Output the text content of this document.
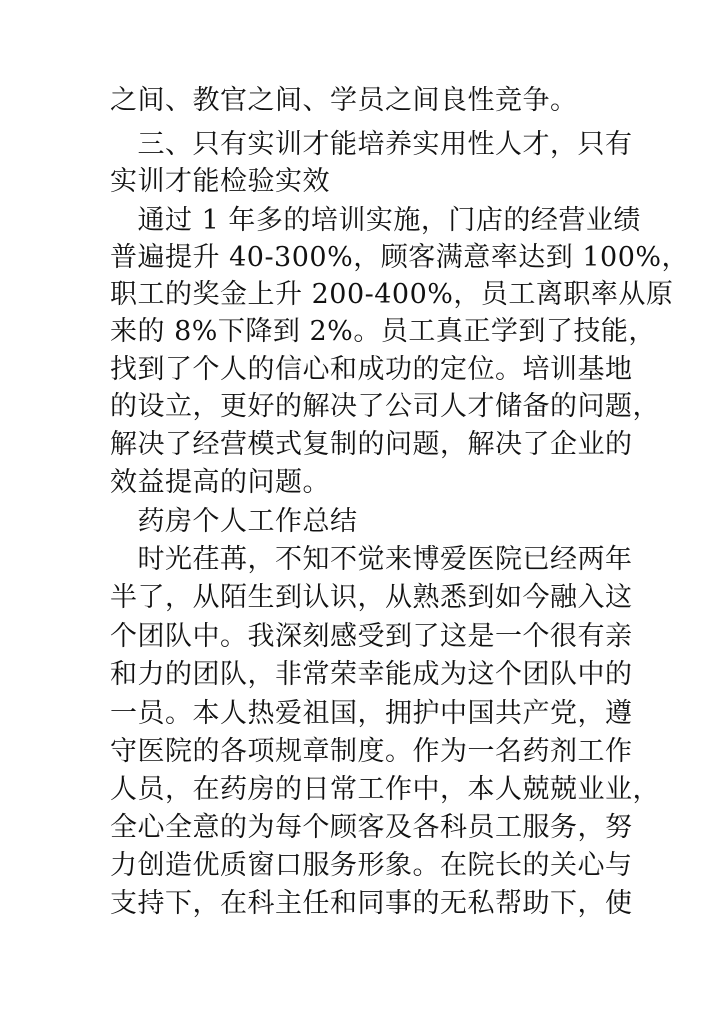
之间、教官之间、学员之间良性竞争。
　三、只有实训才能培养实用性人才，只有
实训才能检验实效
　通过 1 年多的培训实施，门店的经营业绩
普遍提升 40-300%，顾客满意率达到 100%，
职工的奖金上升 200-400%，员工离职率从原
来的 8%下降到 2%。员工真正学到了技能，
找到了个人的信心和成功的定位。培训基地
的设立，更好的解决了公司人才储备的问题，
解决了经营模式复制的问题，解决了企业的
效益提高的问题。
　药房个人工作总结
　时光荏苒，不知不觉来博爱医院已经两年
半了，从陌生到认识，从熟悉到如今融入这
个团队中。我深刻感受到了这是一个很有亲
和力的团队，非常荣幸能成为这个团队中的
一员。本人热爱祖国，拥护中国共产党，遵
守医院的各项规章制度。作为一名药剂工作
人员，在药房的日常工作中，本人兢兢业业，
全心全意的为每个顾客及各科员工服务，努
力创造优质窗口服务形象。在院长的关心与
支持下，在科主任和同事的无私帮助下，使
